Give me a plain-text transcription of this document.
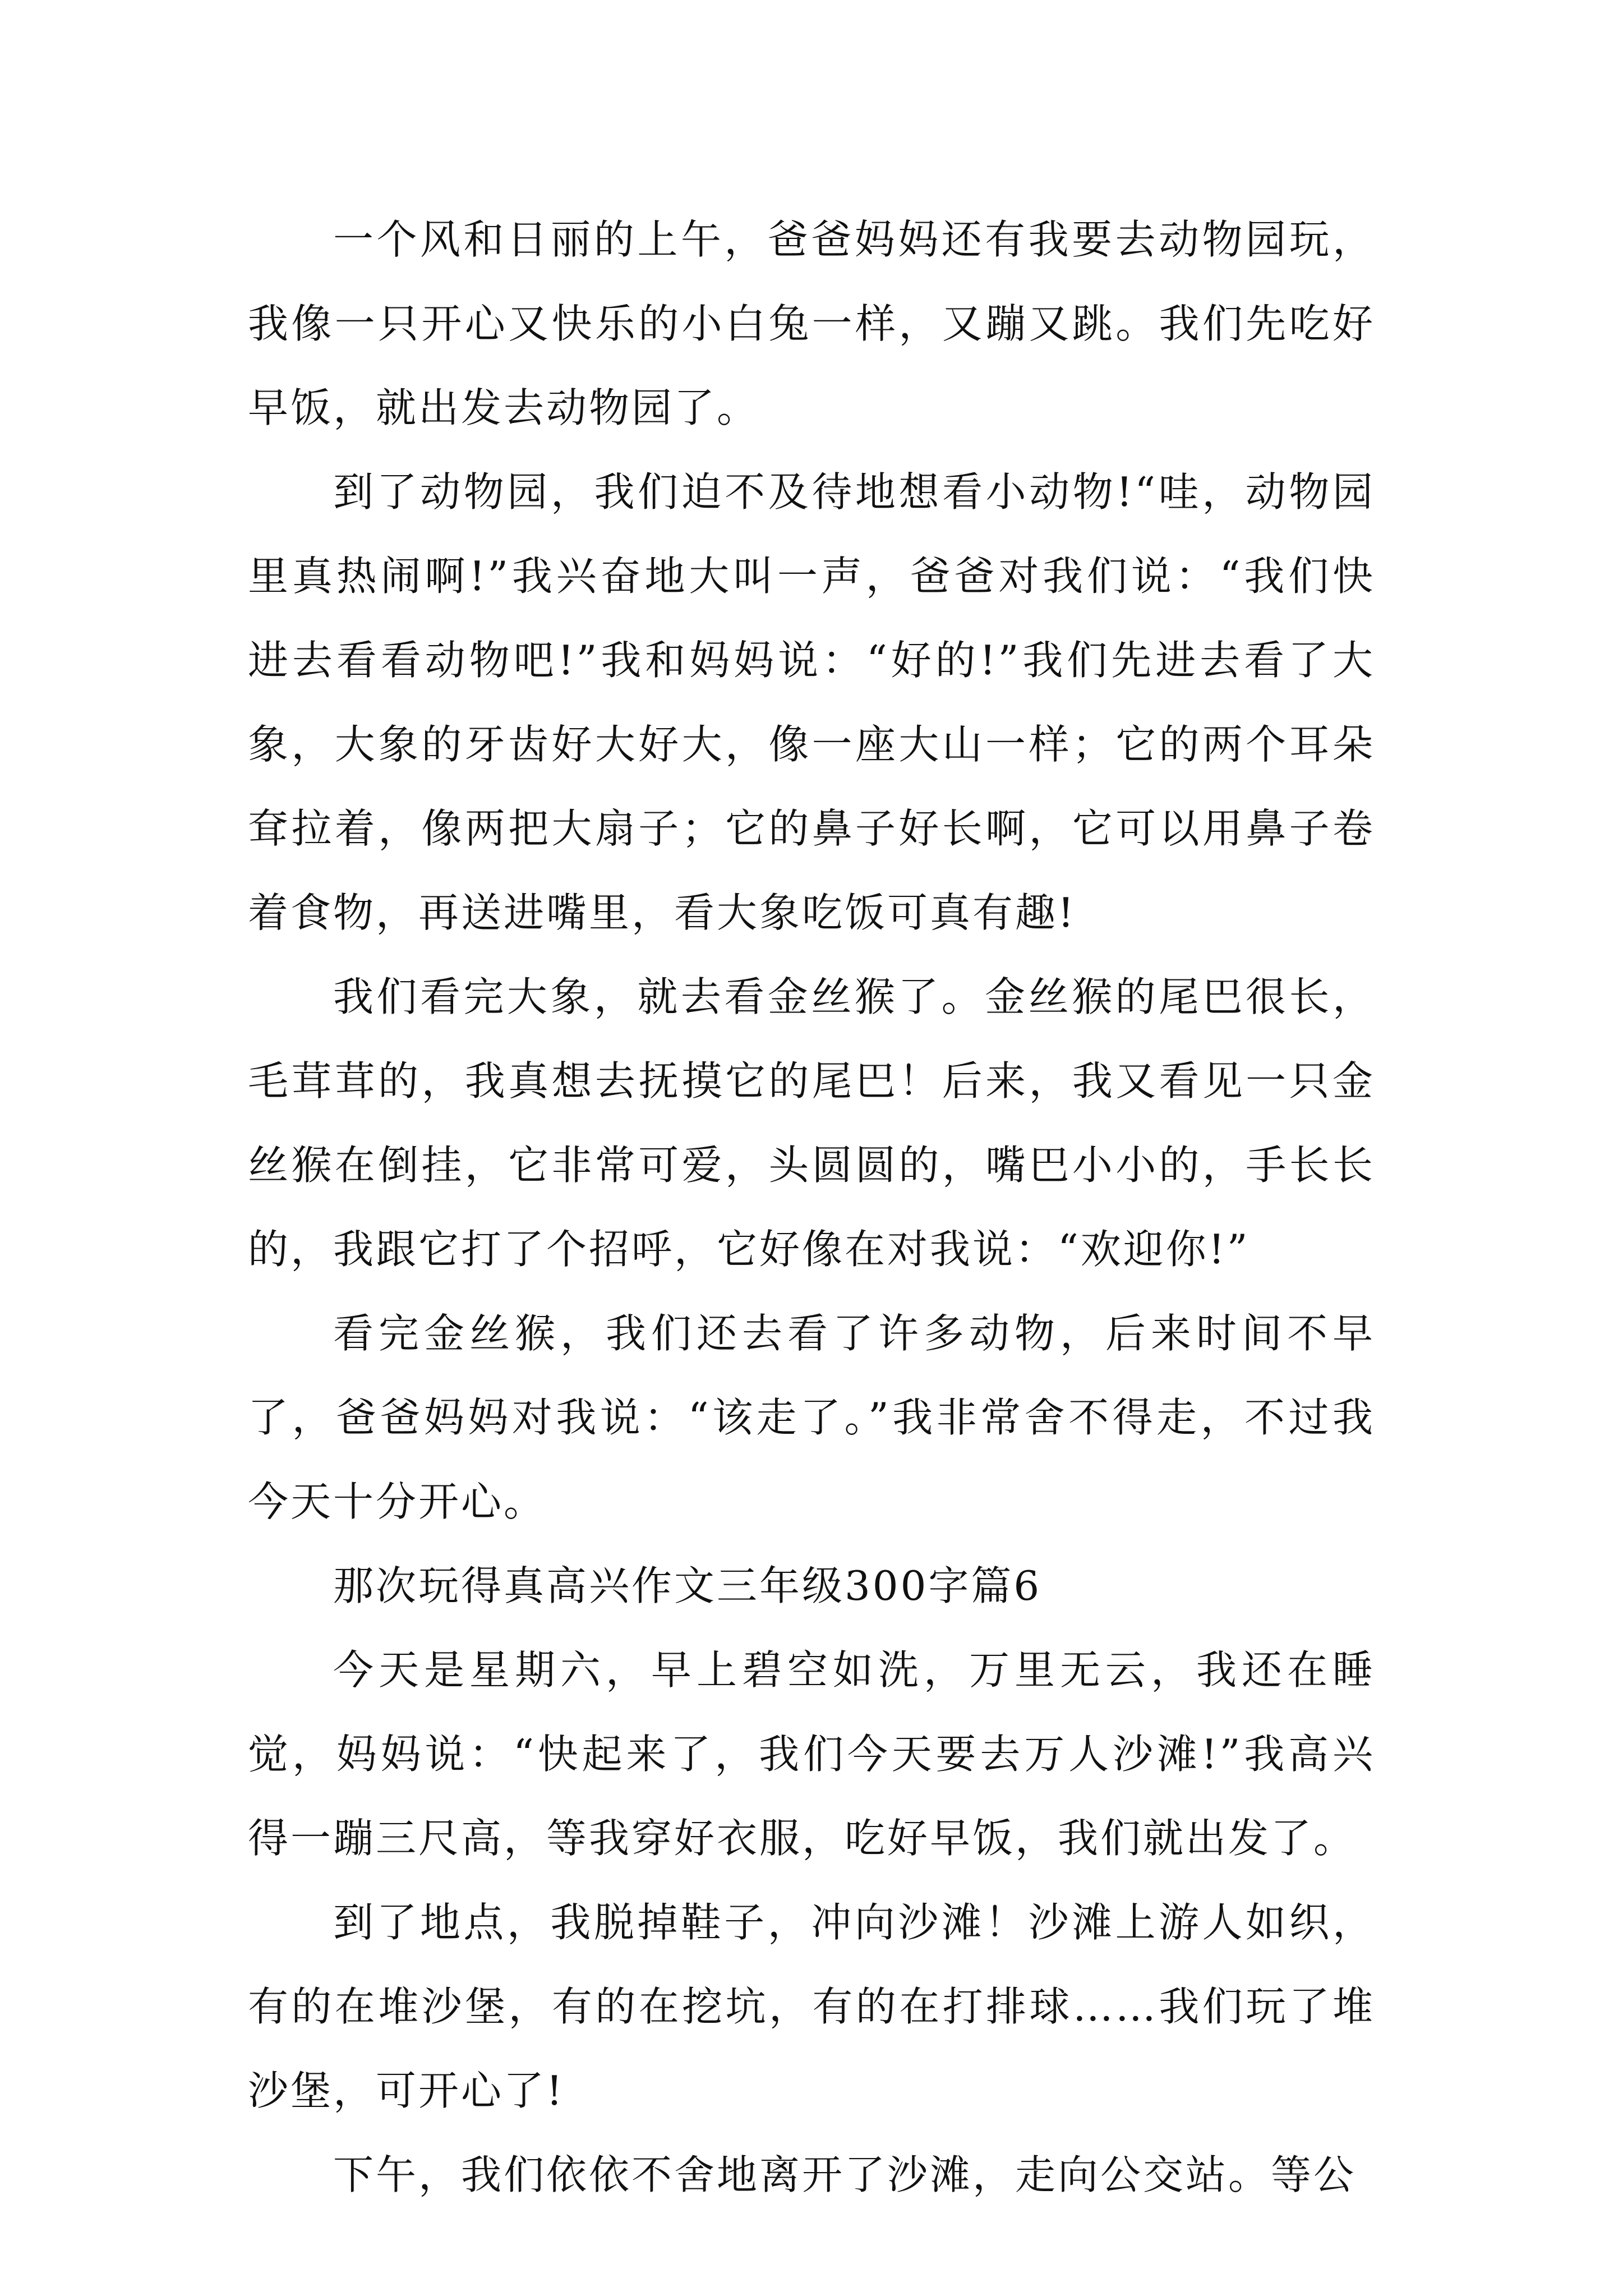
一个风和日丽的上午，爸爸妈妈还有我要去动物园玩，我像一只开心又快乐的小白兔一样，又蹦又跳。我们先吃好早饭，就出发去动物园了。

到了动物园，我们迫不及待地想看小动物!“哇，动物园里真热闹啊!”我兴奋地大叫一声，爸爸对我们说：“我们快进去看看动物吧!”我和妈妈说：“好的!”我们先进去看了大象，大象的牙齿好大好大，像一座大山一样；它的两个耳朵耷拉着，像两把大扇子；它的鼻子好长啊，它可以用鼻子卷着食物，再送进嘴里，看大象吃饭可真有趣!

我们看完大象，就去看金丝猴了。金丝猴的尾巴很长，毛茸茸的，我真想去抚摸它的尾巴！后来，我又看见一只金丝猴在倒挂，它非常可爱，头圆圆的，嘴巴小小的，手长长的，我跟它打了个招呼，它好像在对我说：“欢迎你!”

看完金丝猴，我们还去看了许多动物，后来时间不早了，爸爸妈妈对我说：“该走了。”我非常舍不得走，不过我今天十分开心。

那次玩得真高兴作文三年级300字篇6

今天是星期六，早上碧空如洗，万里无云，我还在睡觉，妈妈说：“快起来了，我们今天要去万人沙滩!”我高兴得一蹦三尺高，等我穿好衣服，吃好早饭，我们就出发了。

到了地点，我脱掉鞋子，冲向沙滩！沙滩上游人如织，有的在堆沙堡，有的在挖坑，有的在打排球……我们玩了堆沙堡，可开心了!

下午，我们依依不舍地离开了沙滩，走向公交站。等公
